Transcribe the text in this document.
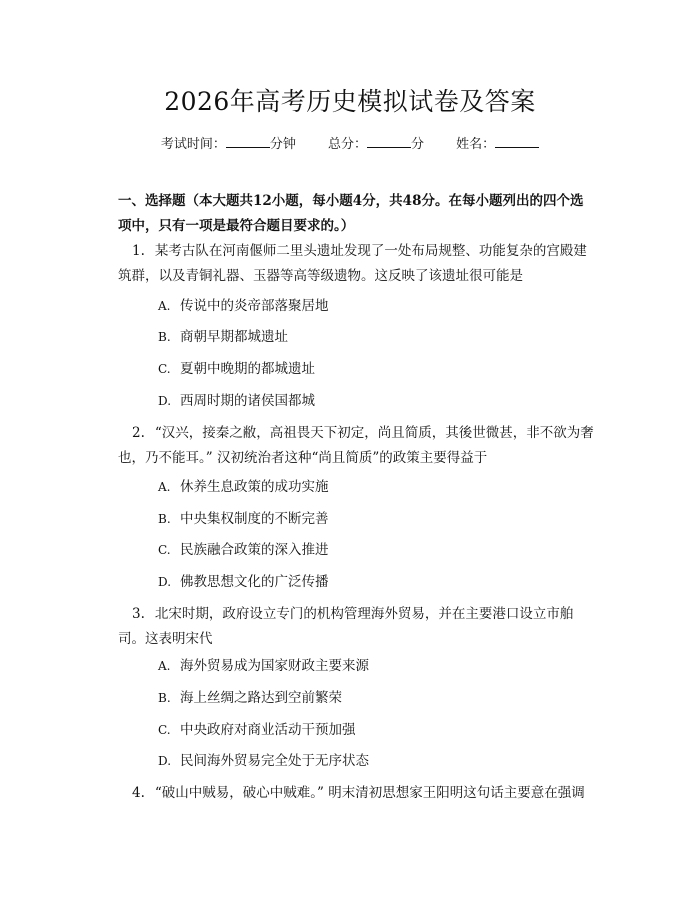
2026年高考历史模拟试卷及答案
考试时间：	分钟 总分：	分 姓名：
一、选择题（本大题共12小题，每小题4分，共48分。在每小题列出的四个选项中，只有一项是最符合题目要求的。）
1. 某考古队在河南偃师二里头遗址发现了一处布局规整、功能复杂的宫殿建筑群，以及青铜礼器、玉器等高等级遗物。这反映了该遗址很可能是
A. 传说中的炎帝部落聚居地
B. 商朝早期都城遗址
C. 夏朝中晚期的都城遗址
D. 西周时期的诸侯国都城
2. “汉兴，接秦之敝，高祖畏天下初定，尚且简质，其後世微甚，非不欲为奢也，乃不能耳。” 汉初统治者这种“尚且简质”的政策主要得益于
A. 休养生息政策的成功实施
B. 中央集权制度的不断完善
C. 民族融合政策的深入推进
D. 佛教思想文化的广泛传播
3. 北宋时期，政府设立专门的机构管理海外贸易，并在主要港口设立市舶司。这表明宋代
A. 海外贸易成为国家财政主要来源
B. 海上丝绸之路达到空前繁荣
C. 中央政府对商业活动干预加强
D. 民间海外贸易完全处于无序状态
4. “破山中贼易，破心中贼难。” 明末清初思想家王阳明这句话主要意在强调
